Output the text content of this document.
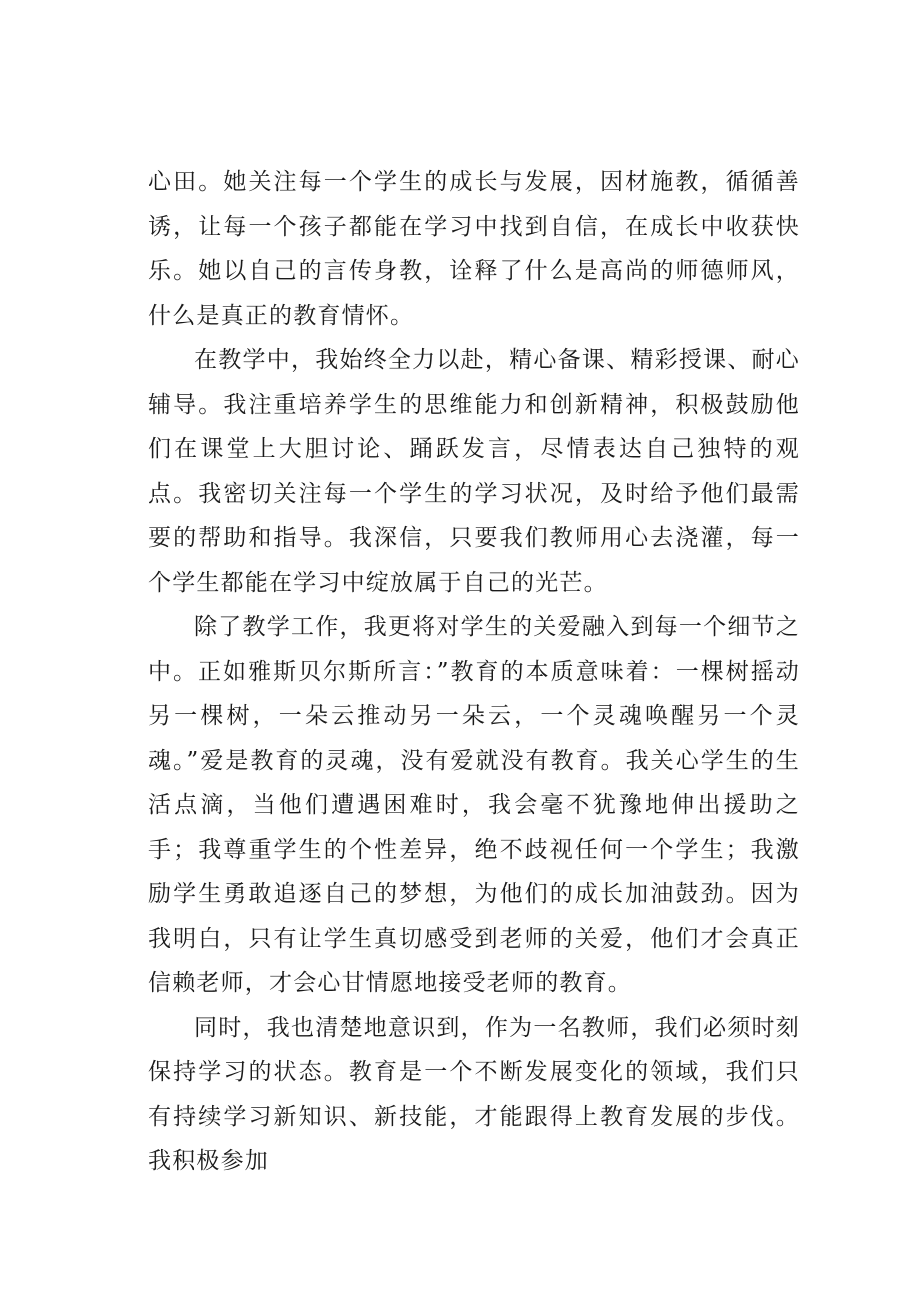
心田。她关注每一个学生的成长与发展，因材施教，循循善诱，让每一个孩子都能在学习中找到自信，在成长中收获快乐。她以自己的言传身教，诠释了什么是高尚的师德师风，什么是真正的教育情怀。

在教学中，我始终全力以赴，精心备课、精彩授课、耐心辅导。我注重培养学生的思维能力和创新精神，积极鼓励他们在课堂上大胆讨论、踊跃发言，尽情表达自己独特的观点。我密切关注每一个学生的学习状况，及时给予他们最需要的帮助和指导。我深信，只要我们教师用心去浇灌，每一个学生都能在学习中绽放属于自己的光芒。

除了教学工作，我更将对学生的关爱融入到每一个细节之中。正如雅斯贝尔斯所言：”教育的本质意味着：一棵树摇动另一棵树，一朵云推动另一朵云，一个灵魂唤醒另一个灵魂。”爱是教育的灵魂，没有爱就没有教育。我关心学生的生活点滴，当他们遭遇困难时，我会毫不犹豫地伸出援助之手；我尊重学生的个性差异，绝不歧视任何一个学生；我激励学生勇敢追逐自己的梦想，为他们的成长加油鼓劲。因为我明白，只有让学生真切感受到老师的关爱，他们才会真正信赖老师，才会心甘情愿地接受老师的教育。

同时，我也清楚地意识到，作为一名教师，我们必须时刻保持学习的状态。教育是一个不断发展变化的领域，我们只有持续学习新知识、新技能，才能跟得上教育发展的步伐。我积极参加
